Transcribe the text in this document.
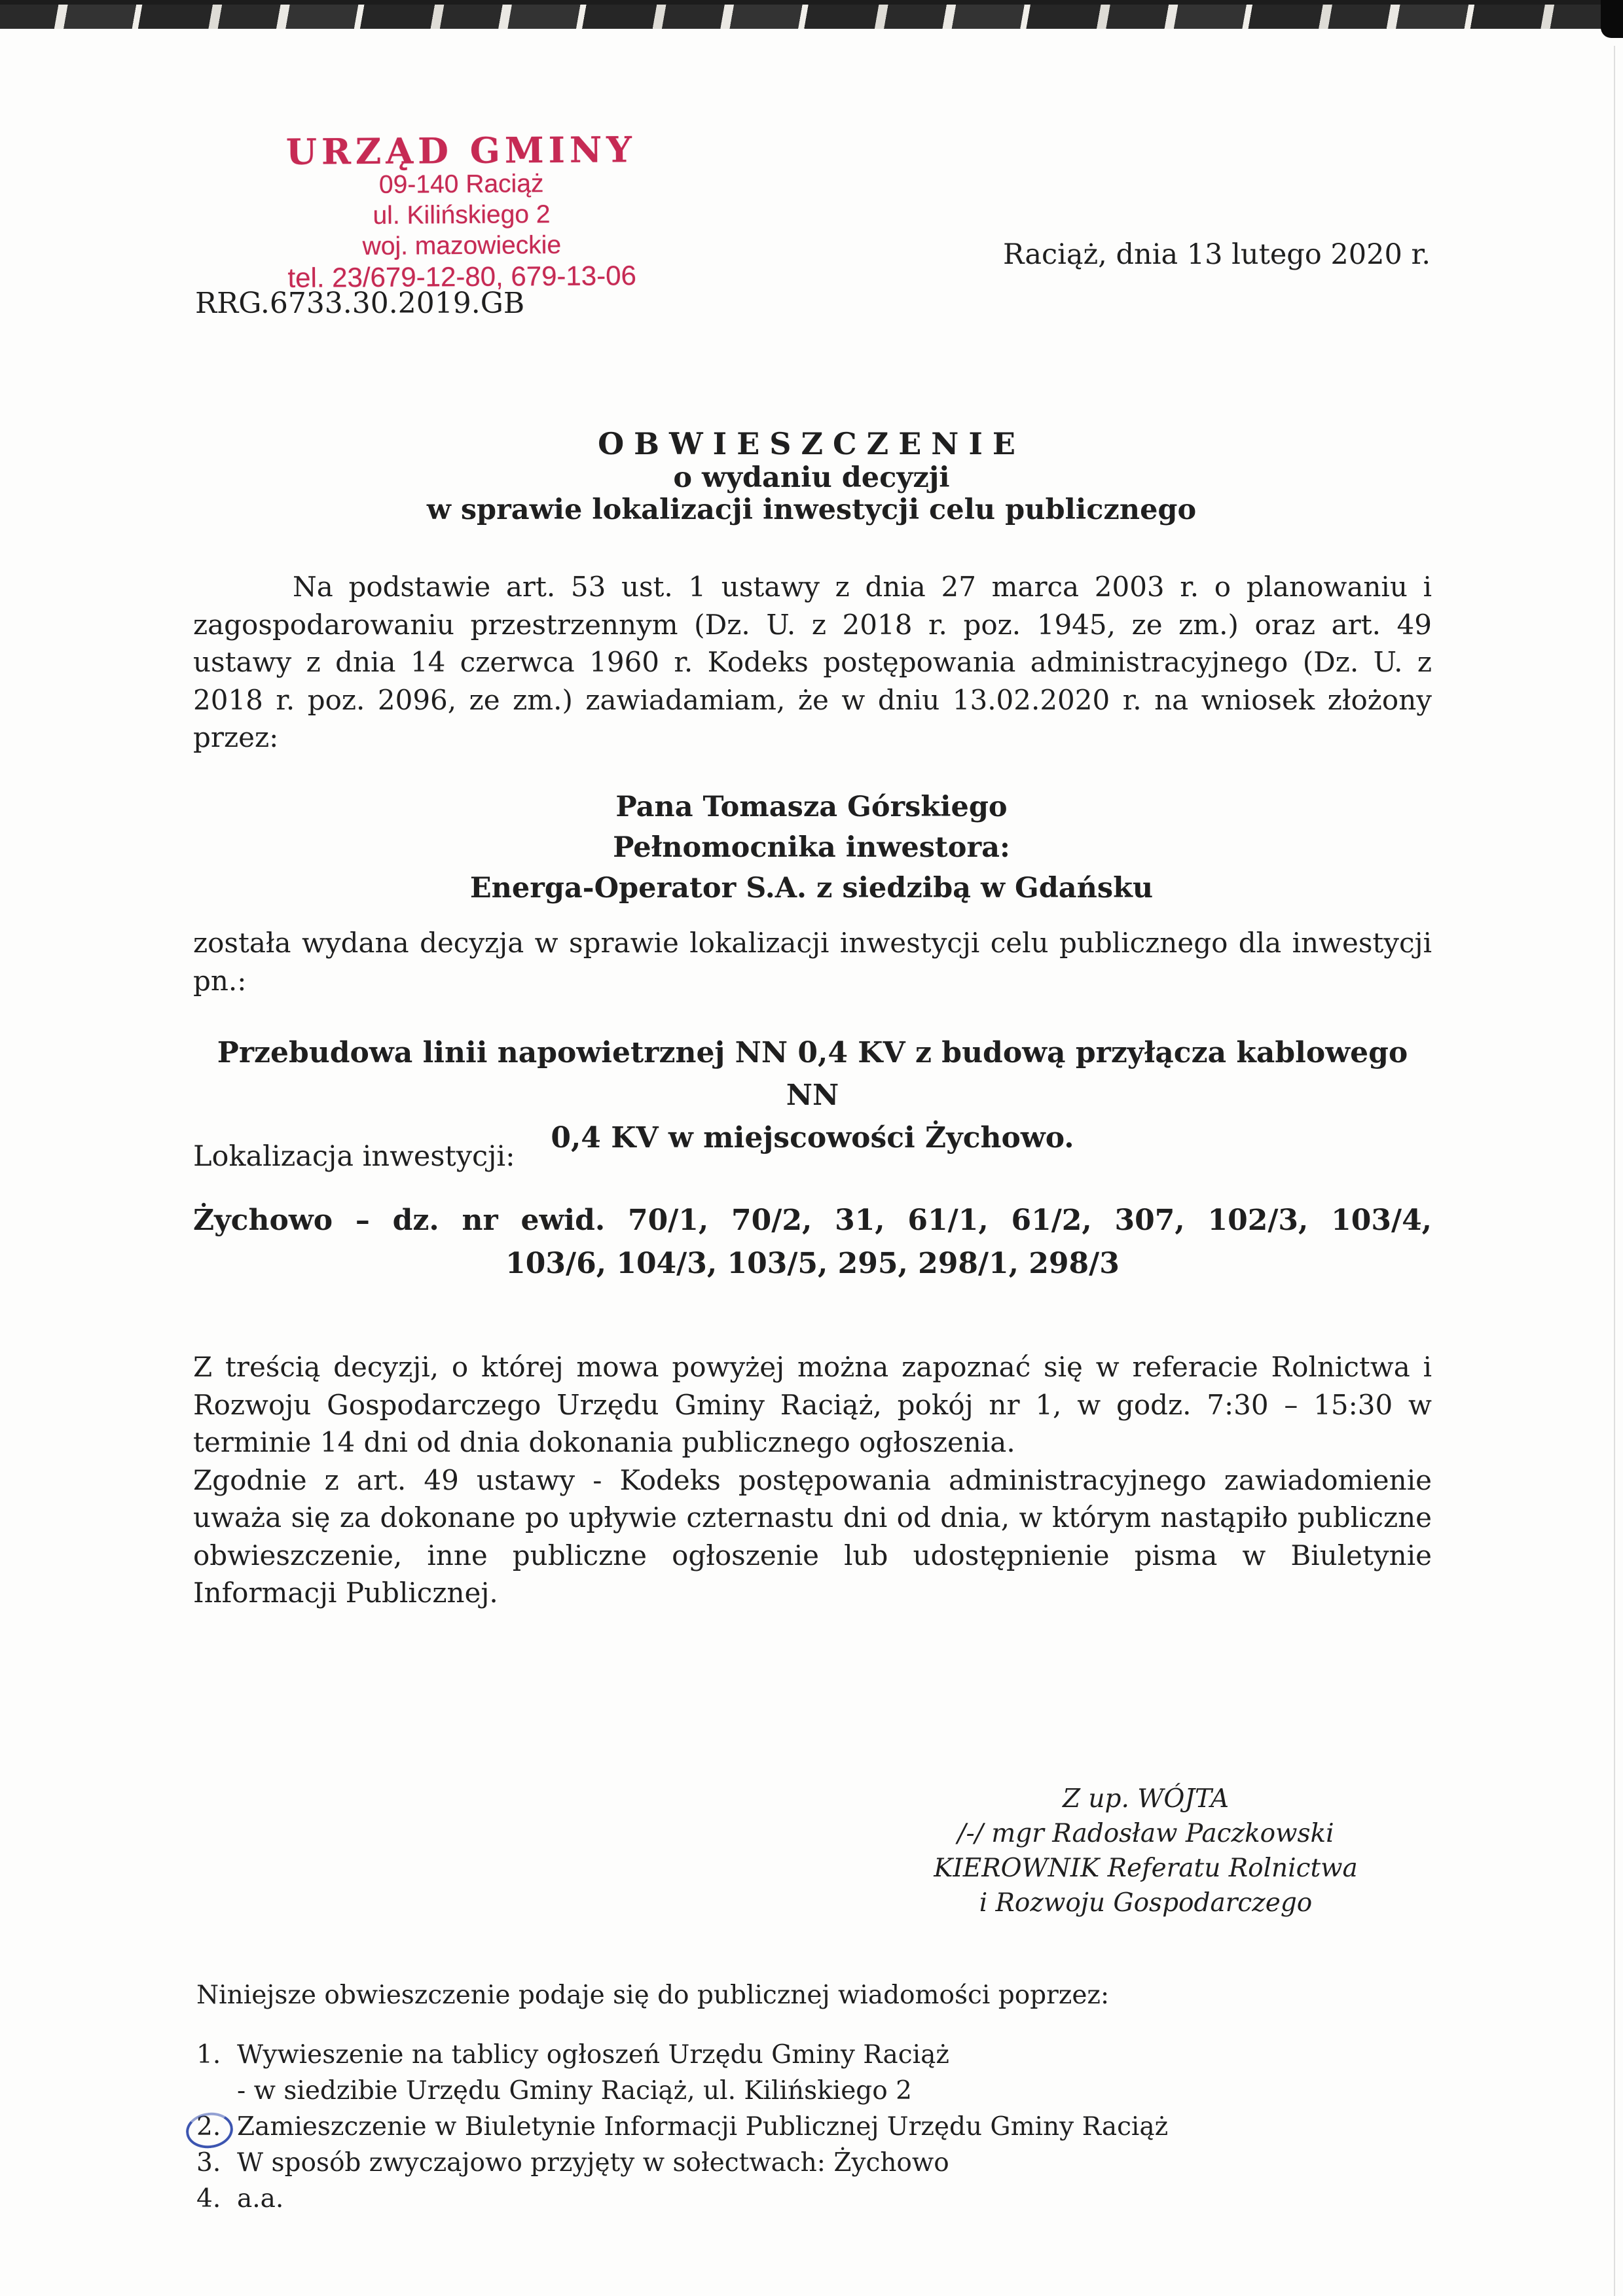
URZĄD GMINY
09-140 Raciąż
ul. Kilińskiego 2
woj. mazowieckie
tel. 23/679-12-80, 679-13-06
RRG.6733.30.2019.GB
Raciąż, dnia 13 lutego 2020 r.
OBWIESZCZENIE
o wydaniu decyzji
w sprawie lokalizacji inwestycji celu publicznego

Na podstawie art. 53 ust. 1 ustawy z dnia 27 marca 2003 r. o planowaniu i zagospodarowaniu przestrzennym (Dz. U. z 2018 r. poz. 1945, ze zm.) oraz art. 49 ustawy z dnia 14 czerwca 1960 r. Kodeks postępowania administracyjnego (Dz. U. z 2018 r. poz. 2096, ze zm.) zawiadamiam, że w dniu 13.02.2020 r. na wniosek złożony przez:

Pana Tomasza Górskiego
Pełnomocnika inwestora:
Energa-Operator S.A. z siedzibą w Gdańsku

została wydana decyzja w sprawie lokalizacji inwestycji celu publicznego dla inwestycji pn.:

Przebudowa linii napowietrznej NN 0,4 KV z budową przyłącza kablowego NN
0,4 KV w miejscowości Żychowo.
Lokalizacja inwestycji:
Żychowo – dz. nr ewid. 70/1, 70/2, 31, 61/1, 61/2, 307, 102/3, 103/4,
103/6, 104/3, 103/5, 295, 298/1, 298/3

Z treścią decyzji, o której mowa powyżej można zapoznać się w referacie Rolnictwa i Rozwoju Gospodarczego Urzędu Gminy Raciąż, pokój nr 1, w godz. 7:30 – 15:30 w terminie 14 dni od dnia dokonania publicznego ogłoszenia.

Zgodnie z art. 49 ustawy - Kodeks postępowania administracyjnego zawiadomienie uważa się za dokonane po upływie czternastu dni od dnia, w którym nastąpiło publiczne obwieszczenie, inne publiczne ogłoszenie lub udostępnienie pisma w Biuletynie Informacji Publicznej.

Z up. WÓJTA
/-/ mgr Radosław Paczkowski
KIEROWNIK Referatu Rolnictwa
i Rozwoju Gospodarczego
Niniejsze obwieszczenie podaje się do publicznej wiadomości poprzez:
1. Wywieszenie na tablicy ogłoszeń Urzędu Gminy Raciąż
- w siedzibie Urzędu Gminy Raciąż, ul. Kilińskiego 2
2. Zamieszczenie w Biuletynie Informacji Publicznej Urzędu Gminy Raciąż
3. W sposób zwyczajowo przyjęty w sołectwach: Żychowo
4. a.a.
